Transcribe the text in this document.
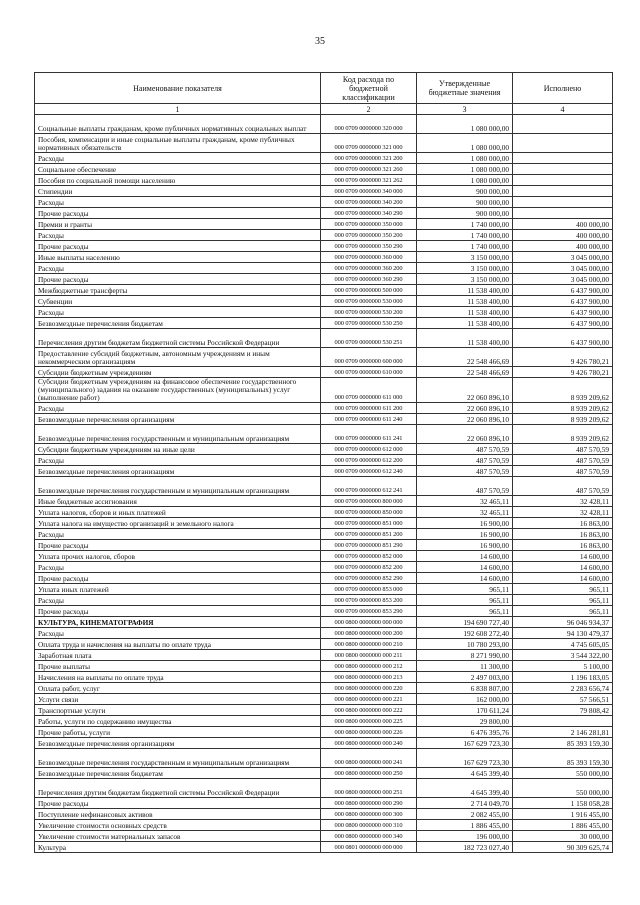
35
Наименование показателя	Код расхода по бюджетной классификации	Утвержденные бюджетные значения	Исполнено
1	2	3	4
Социальные выплаты гражданам, кроме публичных нормативных социальных выплат	000 0709 0000000 320 000	1 080 000,00	
Пособия, компенсации и иные социальные выплаты гражданам, кроме публичных нормативных обязательств	000 0709 0000000 321 000	1 080 000,00	
Расходы	000 0709 0000000 321 200	1 080 000,00	
Социальное обеспечение	000 0709 0000000 321 260	1 080 000,00	
Пособия по социальной помощи населению	000 0709 0000000 321 262	1 080 000,00	
Стипендии	000 0709 0000000 340 000	900 000,00	
Расходы	000 0709 0000000 340 200	900 000,00	
Прочие расходы	000 0709 0000000 340 290	900 000,00	
Премии и гранты	000 0709 0000000 350 000	1 740 000,00	400 000,00
Расходы	000 0709 0000000 350 200	1 740 000,00	400 000,00
Прочие расходы	000 0709 0000000 350 290	1 740 000,00	400 000,00
Иные выплаты населению	000 0709 0000000 360 000	3 150 000,00	3 045 000,00
Расходы	000 0709 0000000 360 200	3 150 000,00	3 045 000,00
Прочие расходы	000 0709 0000000 360 290	3 150 000,00	3 045 000,00
Межбюджетные трансферты	000 0709 0000000 500 000	11 538 400,00	6 437 900,00
Субвенции	000 0709 0000000 530 000	11 538 400,00	6 437 900,00
Расходы	000 0709 0000000 530 200	11 538 400,00	6 437 900,00
Безвозмездные перечисления бюджетам	000 0709 0000000 530 250	11 538 400,00	6 437 900,00
Перечисления другим бюджетам бюджетной системы Российской Федерации	000 0709 0000000 530 251	11 538 400,00	6 437 900,00
Предоставление субсидий бюджетным, автономным учреждениям и иным некоммерческим организациям	000 0709 0000000 600 000	22 548 466,69	9 426 780,21
Субсидии бюджетным учреждениям	000 0709 0000000 610 000	22 548 466,69	9 426 780,21
Субсидии бюджетным учреждениям на финансовое обеспечение государственного (муниципального) задания на оказание государственных (муниципальных) услуг (выполнение работ)	000 0709 0000000 611 000	22 060 896,10	8 939 209,62
Расходы	000 0709 0000000 611 200	22 060 896,10	8 939 209,62
Безвозмездные перечисления организациям	000 0709 0000000 611 240	22 060 896,10	8 939 209,62
Безвозмездные перечисления государственным и муниципальным организациям	000 0709 0000000 611 241	22 060 896,10	8 939 209,62
Субсидии бюджетным учреждениям на иные цели	000 0709 0000000 612 000	487 570,59	487 570,59
Расходы	000 0709 0000000 612 200	487 570,59	487 570,59
Безвозмездные перечисления организациям	000 0709 0000000 612 240	487 570,59	487 570,59
Безвозмездные перечисления государственным и муниципальным организациям	000 0709 0000000 612 241	487 570,59	487 570,59
Иные бюджетные ассигнования	000 0709 0000000 800 000	32 465,11	32 428,11
Уплата налогов, сборов и иных платежей	000 0709 0000000 850 000	32 465,11	32 428,11
Уплата налога на имущество организаций и земельного налога	000 0709 0000000 851 000	16 900,00	16 863,00
Расходы	000 0709 0000000 851 200	16 900,00	16 863,00
Прочие расходы	000 0709 0000000 851 290	16 900,00	16 863,00
Уплата прочих налогов, сборов	000 0709 0000000 852 000	14 600,00	14 600,00
Расходы	000 0709 0000000 852 200	14 600,00	14 600,00
Прочие расходы	000 0709 0000000 852 290	14 600,00	14 600,00
Уплата иных платежей	000 0709 0000000 853 000	965,11	965,11
Расходы	000 0709 0000000 853 200	965,11	965,11
Прочие расходы	000 0709 0000000 853 290	965,11	965,11
КУЛЬТУРА, КИНЕМАТОГРАФИЯ	000 0800 0000000 000 000	194 690 727,40	96 046 934,37
Расходы	000 0800 0000000 000 200	192 608 272,40	94 130 479,37
Оплата труда и начисления на выплаты по оплате труда	000 0800 0000000 000 210	10 780 293,00	4 745 605,05
Заработная плата	000 0800 0000000 000 211	8 271 990,00	3 544 322,00
Прочие выплаты	000 0800 0000000 000 212	11 300,00	5 100,00
Начисления на выплаты по оплате труда	000 0800 0000000 000 213	2 497 003,00	1 196 183,05
Оплата работ, услуг	000 0800 0000000 000 220	6 838 807,00	2 283 656,74
Услуги связи	000 0800 0000000 000 221	162 000,00	57 566,51
Транспортные услуги	000 0800 0000000 000 222	170 611,24	79 808,42
Работы, услуги по содержанию имущества	000 0800 0000000 000 225	29 800,00	
Прочие работы, услуги	000 0800 0000000 000 226	6 476 395,76	2 146 281,81
Безвозмездные перечисления организациям	000 0800 0000000 000 240	167 629 723,30	85 393 159,30
Безвозмездные перечисления государственным и муниципальным организациям	000 0800 0000000 000 241	167 629 723,30	85 393 159,30
Безвозмездные перечисления бюджетам	000 0800 0000000 000 250	4 645 399,40	550 000,00
Перечисления другим бюджетам бюджетной системы Российской Федерации	000 0800 0000000 000 251	4 645 399,40	550 000,00
Прочие расходы	000 0800 0000000 000 290	2 714 049,70	1 158 058,28
Поступление нефинансовых активов	000 0800 0000000 000 300	2 082 455,00	1 916 455,00
Увеличение стоимости основных средств	000 0800 0000000 000 310	1 886 455,00	1 886 455,00
Увеличение стоимости материальных запасов	000 0800 0000000 000 340	196 000,00	30 000,00
Культура	000 0801 0000000 000 000	182 723 027,40	90 309 625,74
